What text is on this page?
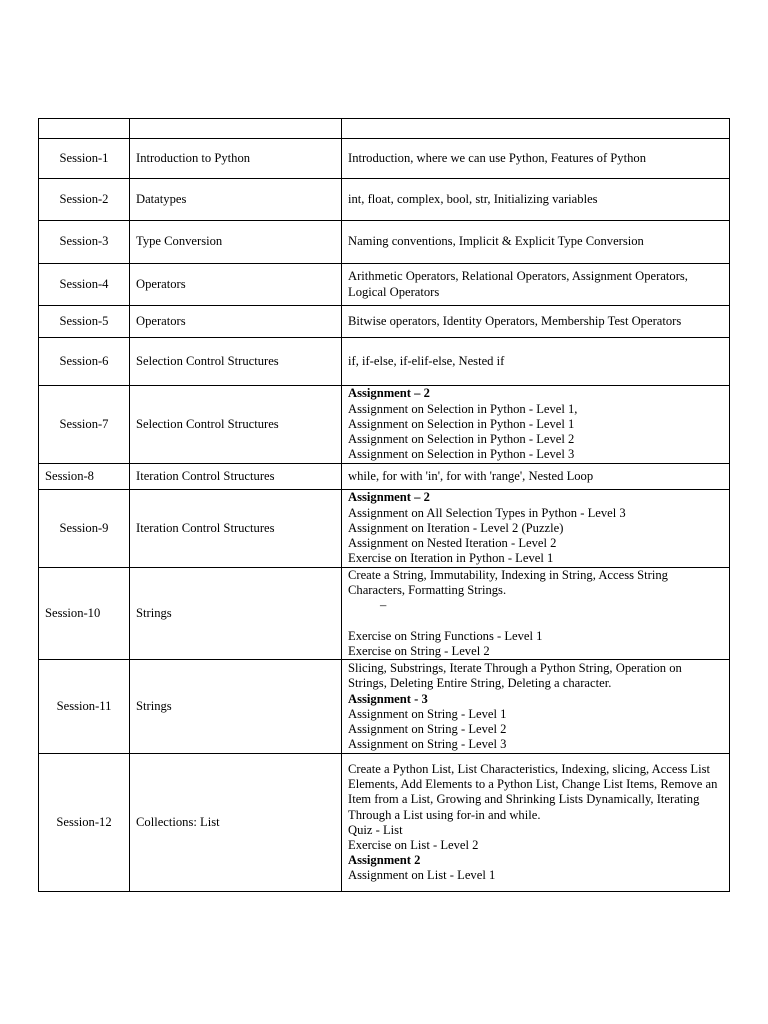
Session-1	Introduction to Python	Introduction, where we can use Python, Features of Python

Session-2	Datatypes	int, float, complex, bool, str, Initializing variables

Session-3	Type Conversion	Naming conventions, Implicit & Explicit Type Conversion

Session-4	Operators	Arithmetic Operators, Relational Operators, Assignment Operators, Logical Operators

Session-5	Operators	Bitwise operators, Identity Operators, Membership Test Operators

Session-6	Selection Control Structures	if, if-else, if-elif-else, Nested if

Session-7	Selection Control Structures	Assignment – 2
Assignment on Selection in Python - Level 1,
Assignment on Selection in Python - Level 1
Assignment on Selection in Python - Level 2
Assignment on Selection in Python - Level 3

Session-8	Iteration Control Structures	while, for with 'in', for with 'range', Nested Loop

Session-9	Iteration Control Structures	Assignment – 2
Assignment on All Selection Types in Python - Level 3
Assignment on Iteration - Level 2 (Puzzle)
Assignment on Nested Iteration - Level 2
Exercise on Iteration in Python - Level 1

Session-10	Strings	Create a String, Immutability, Indexing in String, Access String Characters, Formatting Strings.
–
Exercise on String Functions - Level 1
Exercise on String - Level 2

Session-11	Strings	Slicing, Substrings, Iterate Through a Python String, Operation on Strings, Deleting Entire String, Deleting a character.
Assignment - 3
Assignment on String - Level 1
Assignment on String - Level 2
Assignment on String - Level 3

Session-12	Collections: List	Create a Python List, List Characteristics, Indexing, slicing, Access List Elements, Add Elements to a Python List, Change List Items, Remove an Item from a List, Growing and Shrinking Lists Dynamically, Iterating Through a List using for-in and while.
Quiz - List
Exercise on List - Level 2
Assignment 2
Assignment on List - Level 1
